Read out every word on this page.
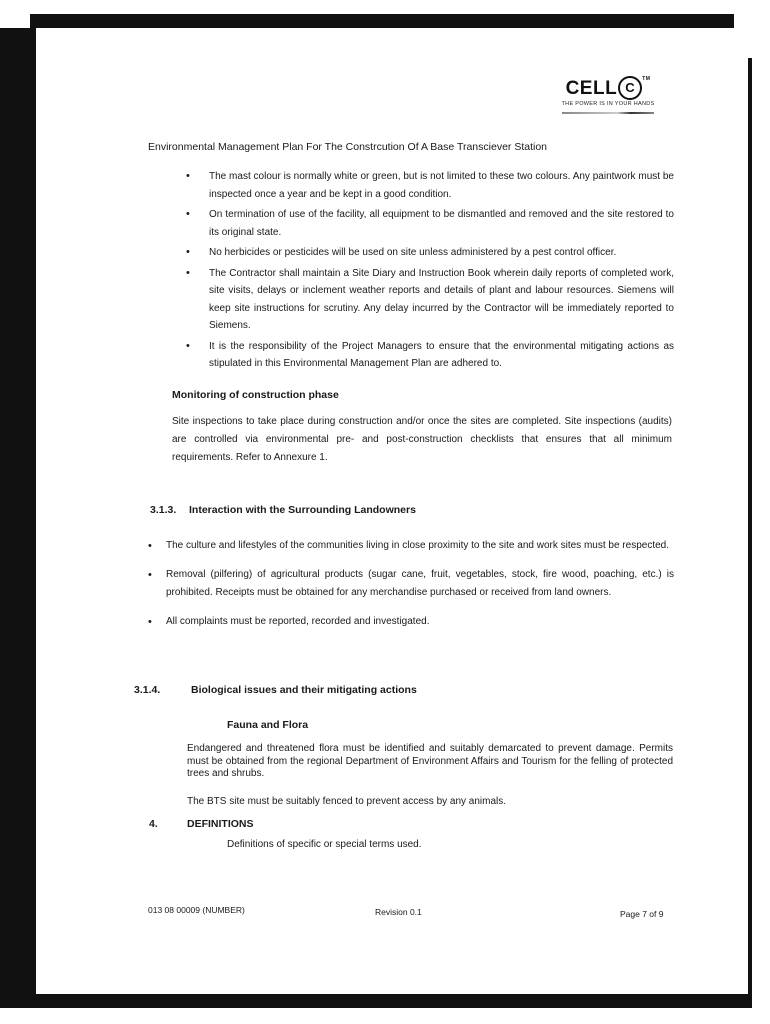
CELL C™
THE POWER IS IN YOUR HANDS

Environmental Management Plan For The Constrcution Of A Base Transciever Station

• The mast colour is normally white or green, but is not limited to these two colours. Any paintwork must be inspected once a year and be kept in a good condition.
• On termination of use of the facility, all equipment to be dismantled and removed and the site restored to its original state.
• No herbicides or pesticides will be used on site unless administered by a pest control officer.
• The Contractor shall maintain a Site Diary and Instruction Book wherein daily reports of completed work, site visits, delays or inclement weather reports and details of plant and labour resources. Siemens will keep site instructions for scrutiny. Any delay incurred by the Contractor will be immediately reported to Siemens.
• It is the responsibility of the Project Managers to ensure that the environmental mitigating actions as stipulated in this Environmental Management Plan are adhered to.

Monitoring of construction phase

Site inspections to take place during construction and/or once the sites are completed. Site inspections (audits) are controlled via environmental pre- and post-construction checklists that ensures that all minimum requirements. Refer to Annexure 1.

3.1.3. Interaction with the Surrounding Landowners

• The culture and lifestyles of the communities living in close proximity to the site and work sites must be respected.
• Removal (pilfering) of agricultural products (sugar cane, fruit, vegetables, stock, fire wood, poaching, etc.) is prohibited. Receipts must be obtained for any merchandise purchased or received from land owners.
• All complaints must be reported, recorded and investigated.

3.1.4.	Biological issues and their mitigating actions

Fauna and Flora

Endangered and threatened flora must be identified and suitably demarcated to prevent damage. Permits must be obtained from the regional Department of Environment Affairs and Tourism for the felling of protected trees and shrubs.

The BTS site must be suitably fenced to prevent access by any animals.

4.	DEFINITIONS

Definitions of specific or special terms used.

013 08 00009 (NUMBER)	Revision 0.1	Page 7 of 9
